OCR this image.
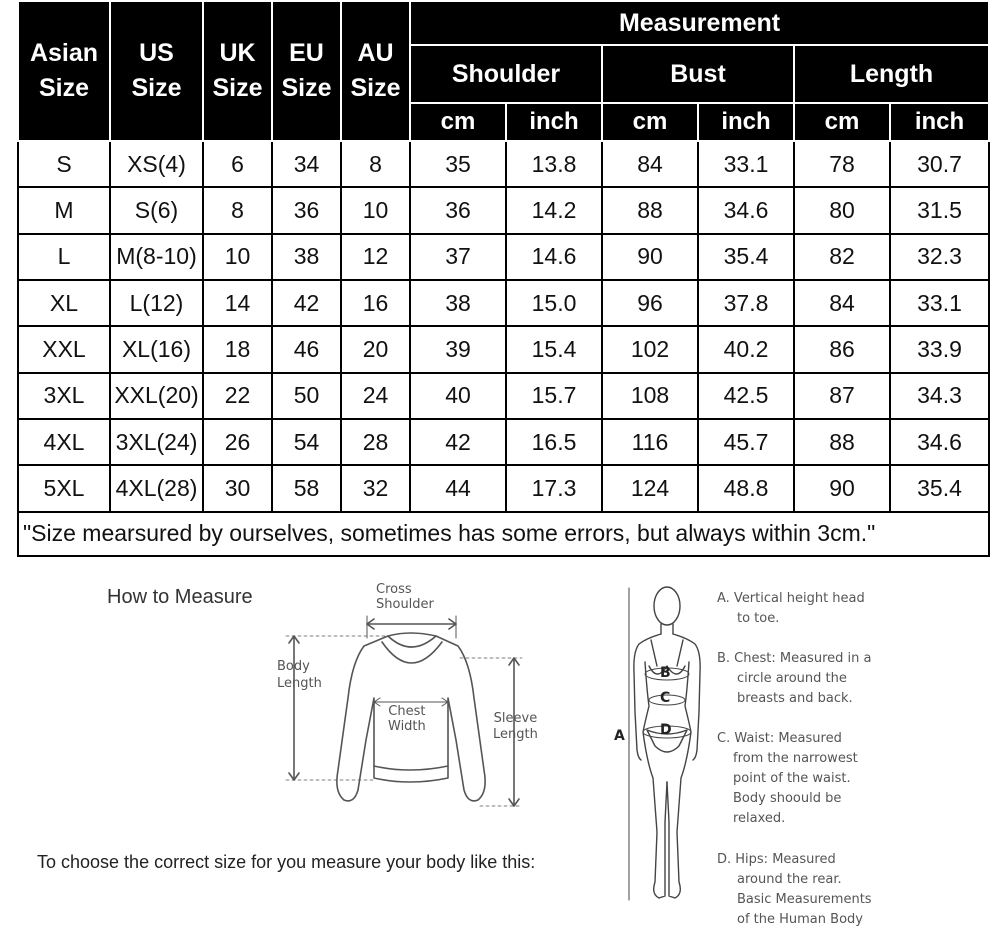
Asian Size	US Size	UK Size	EU Size	AU Size	Measurement					
					Shoulder		Bust		Length	
					cm	inch	cm	inch	cm	inch
S	XS(4)	6	34	8	35	13.8	84	33.1	78	30.7
M	S(6)	8	36	10	36	14.2	88	34.6	80	31.5
L	M(8-10)	10	38	12	37	14.6	90	35.4	82	32.3
XL	L(12)	14	42	16	38	15.0	96	37.8	84	33.1
XXL	XL(16)	18	46	20	39	15.4	102	40.2	86	33.9
3XL	XXL(20)	22	50	24	40	15.7	108	42.5	87	34.3
4XL	3XL(24)	26	54	28	42	16.5	116	45.7	88	34.6
5XL	4XL(28)	30	58	32	44	17.3	124	48.8	90	35.4
"Size mearsured by ourselves, sometimes has some errors, but always within 3cm."										
How to Measure	Cross
Shoulder
Body
Length
Chest
Width
Sleeve
Length	A
B
C
D
A. Vertical height head
to toe.
B. Chest: Measured in a
circle around the
breasts and back.
C. Waist: Measured
from the narrowest
point of the waist.
Body shoould be
relaxed.
D. Hips: Measured
around the rear.
Basic Measurements
of the Human Body
To choose the correct size for you measure your body like this:
